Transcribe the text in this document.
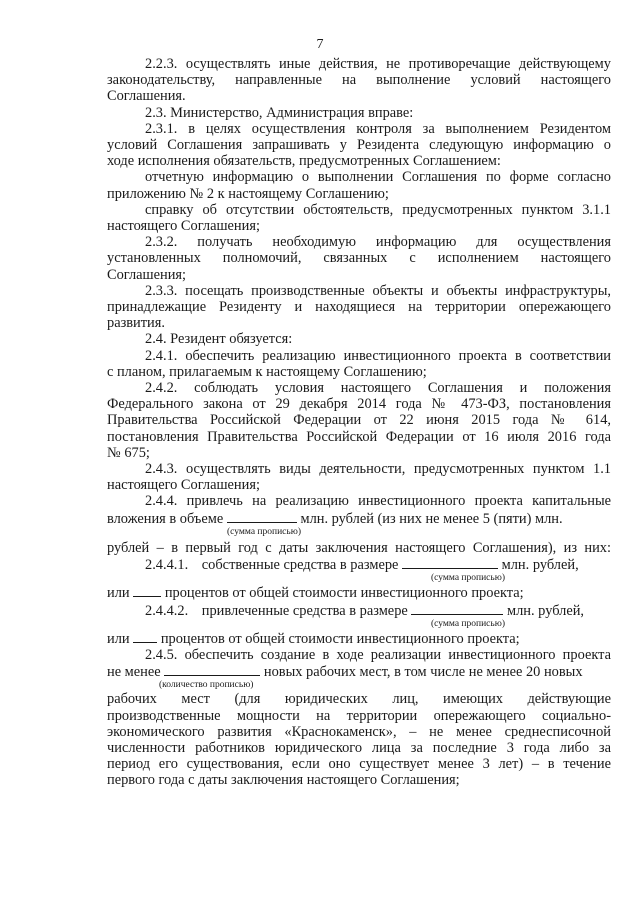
7

2.2.3. осуществлять иные действия, не противоречащие действующему

законодательству, направленные на выполнение условий настоящего

Соглашения.

2.3. Министерство, Администрация вправе:

2.3.1. в целях осуществления контроля за выполнением Резидентом

условий Соглашения запрашивать у Резидента следующую информацию о

ходе исполнения обязательств, предусмотренных Соглашением:

отчетную информацию о выполнении Соглашения по форме согласно

приложению № 2 к настоящему Соглашению;

справку об отсутствии обстоятельств, предусмотренных пунктом 3.1.1

настоящего Соглашения;

2.3.2. получать необходимую информацию для осуществления

установленных полномочий, связанных с исполнением настоящего

Соглашения;

2.3.3. посещать производственные объекты и объекты инфраструктуры,

принадлежащие Резиденту и находящиеся на территории опережающего

развития.

2.4. Резидент обязуется:

2.4.1. обеспечить реализацию инвестиционного проекта в соответствии

с планом, прилагаемым к настоящему Соглашению;

2.4.2. соблюдать условия настоящего Соглашения и положения

Федерального закона от 29 декабря 2014 года № 473-ФЗ, постановления

Правительства Российской Федерации от 22 июня 2015 года № 614,

постановления Правительства Российской Федерации от 16 июля 2016 года

№ 675;

2.4.3. осуществлять виды деятельности, предусмотренных пунктом 1.1

настоящего Соглашения;

2.4.4. привлечь на реализацию инвестиционного проекта капитальные

вложения в объеме	млн. рублей (из них не менее 5 (пяти) млн.

(сумма прописью)

рублей – в первый год с даты заключения настоящего Соглашения), из них:

2.4.4.1. собственные средства в размере	млн. рублей,

(сумма прописью)

или процентов от общей стоимости инвестиционного проекта;

2.4.4.2. привлеченные средства в размере	млн. рублей,

(сумма прописью)

или процентов от общей стоимости инвестиционного проекта;

2.4.5. обеспечить создание в ходе реализации инвестиционного проекта

не менее	новых рабочих мест, в том числе не менее 20 новых

(количество прописью)

рабочих мест (для юридических лиц, имеющих действующие

производственные мощности на территории опережающего социально-

экономического развития «Краснокаменск», – не менее среднесписочной

численности работников юридического лица за последние 3 года либо за

период его существования, если оно существует менее 3 лет) – в течение

первого года с даты заключения настоящего Соглашения;
